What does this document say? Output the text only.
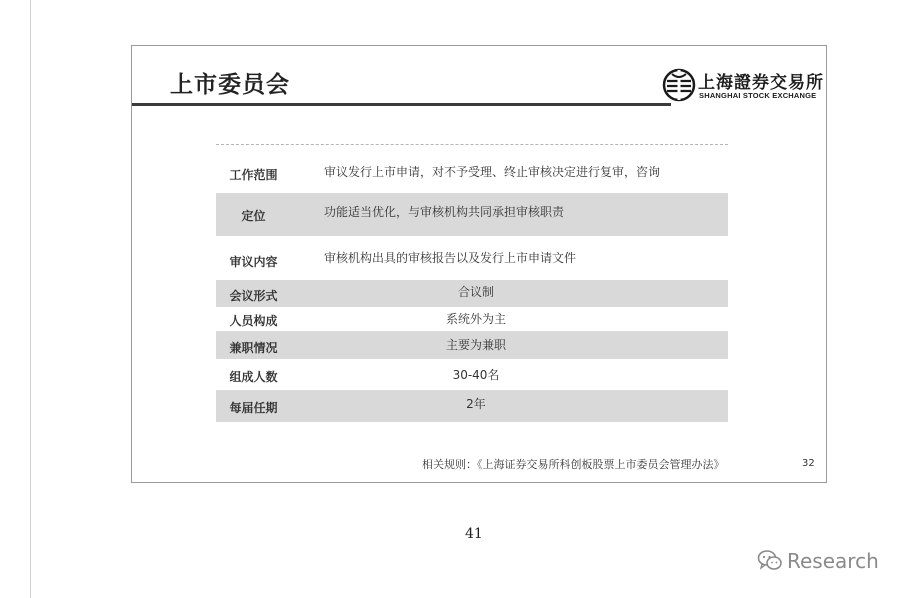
上市委员会	上海證券交易所
SHANGHAI STOCK EXCHANGE
工作范围	审议发行上市申请，对不予受理、终止审核决定进行复审，咨询
定位	功能适当优化，与审核机构共同承担审核职责
审议内容	审核机构出具的审核报告以及发行上市申请文件
会议形式	合议制
人员构成	系统外为主
兼职情况	主要为兼职
组成人数	30-40名
每届任期	2年
相关规则：《上海证券交易所科创板股票上市委员会管理办法》	32
41
Research
